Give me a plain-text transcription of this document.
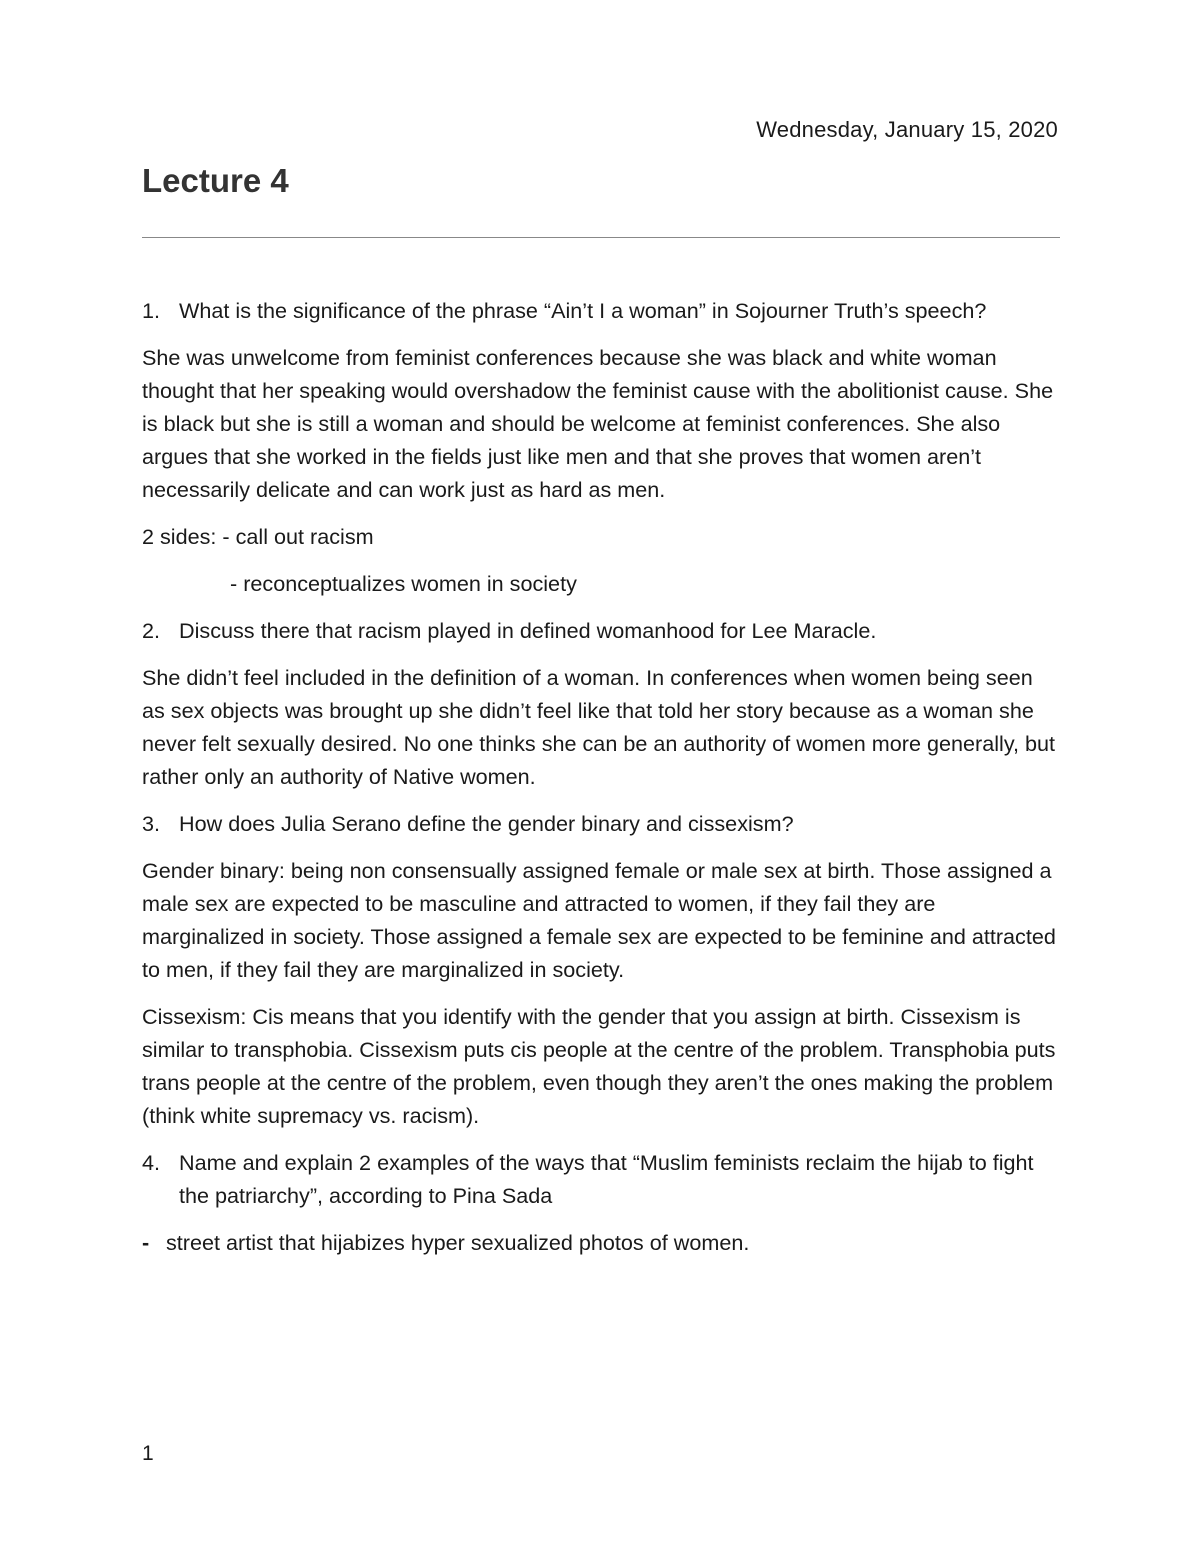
Wednesday, January 15, 2020
Lecture 4
1. What is the significance of the phrase “Ain’t I a woman” in Sojourner Truth’s speech?

She was unwelcome from feminist conferences because she was black and white woman thought that her speaking would overshadow the feminist cause with the abolitionist cause. She is black but she is still a woman and should be welcome at feminist conferences. She also argues that she worked in the fields just like men and that she proves that women aren’t necessarily delicate and can work just as hard as men.

2 sides: - call out racism
- reconceptualizes women in society
2. Discuss there that racism played in defined womanhood for Lee Maracle.

She didn’t feel included in the definition of a woman. In conferences when women being seen as sex objects was brought up she didn’t feel like that told her story because as a woman she never felt sexually desired. No one thinks she can be an authority of women more generally, but rather only an authority of Native women.

3. How does Julia Serano define the gender binary and cissexism?

Gender binary: being non consensually assigned female or male sex at birth. Those assigned a male sex are expected to be masculine and attracted to women, if they fail they are marginalized in society. Those assigned a female sex are expected to be feminine and attracted to men, if they fail they are marginalized in society.

Cissexism: Cis means that you identify with the gender that you assign at birth. Cissexism is similar to transphobia. Cissexism puts cis people at the centre of the problem. Transphobia puts trans people at the centre of the problem, even though they aren’t the ones making the problem (think white supremacy vs. racism).

4. Name and explain 2 examples of the ways that “Muslim feminists reclaim the hijab to fight the patriarchy”, according to Pina Sada
- street artist that hijabizes hyper sexualized photos of women.
1
